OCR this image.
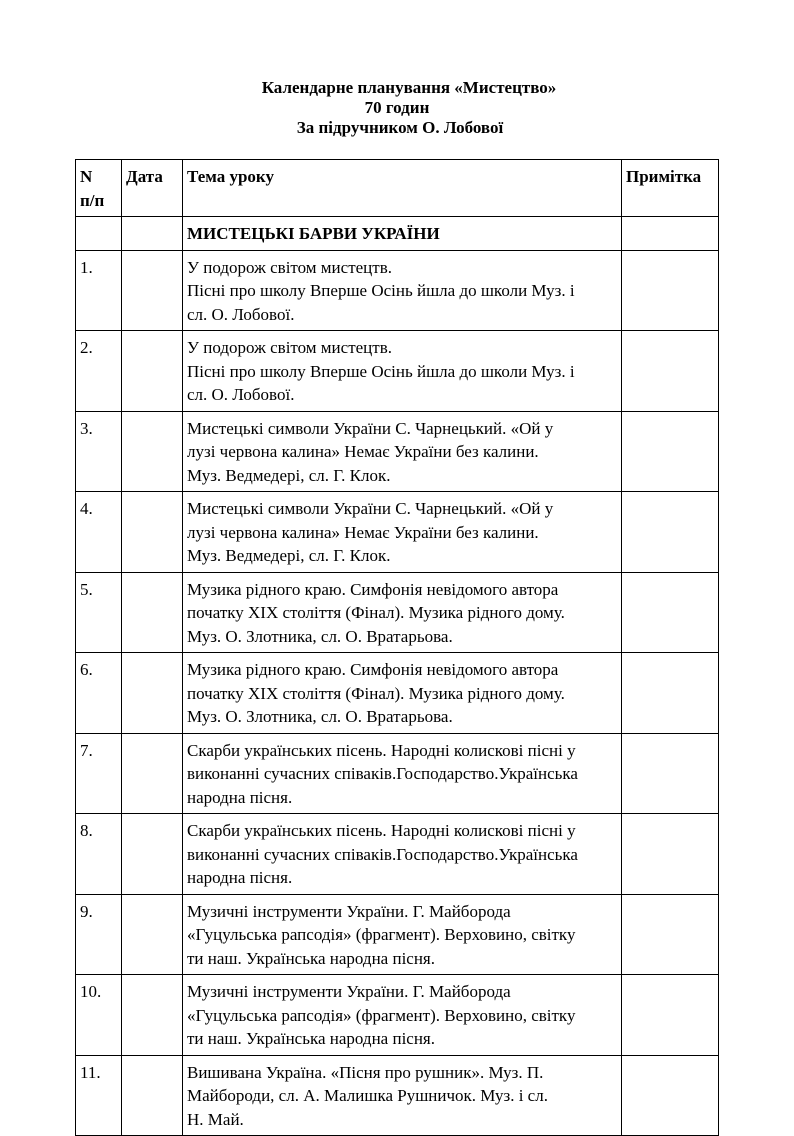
Календарне планування «Мистецтво»
70 годин
За підручником О. Лобової
N
п/п	Дата	Тема уроку	Примітка
		МИСТЕЦЬКІ БАРВИ УКРАЇНИ	
1.		У подорож світом мистецтв.
Пісні про школу Вперше Осінь йшла до школи Муз. і
сл. О. Лобової.	

2.		У подорож світом мистецтв.
Пісні про школу Вперше Осінь йшла до школи Муз. і
сл. О. Лобової.	

3.		Мистецькі символи України С. Чарнецький. «Ой у
лузі червона калина» Немає України без калини.
Муз. Ведмедері, сл. Г. Клок.	

4.		Мистецькі символи України С. Чарнецький. «Ой у
лузі червона калина» Немає України без калини.
Муз. Ведмедері, сл. Г. Клок.	

5.		Музика рідного краю. Симфонія невідомого автора
початку XIX століття (Фінал). Музика рідного дому.
Муз. О. Злотника, сл. О. Вратарьова.	

6.		Музика рідного краю. Симфонія невідомого автора
початку XIX століття (Фінал). Музика рідного дому.
Муз. О. Злотника, сл. О. Вратарьова.	

7.		Скарби українських пісень. Народні колискові пісні у
виконанні сучасних співаків.Господарство.Українська
народна пісня.	

8.		Скарби українських пісень. Народні колискові пісні у
виконанні сучасних співаків.Господарство.Українська
народна пісня.	

9.		Музичні інструменти України. Г. Майборода
«Гуцульська рапсодія» (фрагмент). Верховино, світку
ти наш. Українська народна пісня.	

10.		Музичні інструменти України. Г. Майборода
«Гуцульська рапсодія» (фрагмент). Верховино, світку
ти наш. Українська народна пісня.	

11.		Вишивана Україна. «Пісня про рушник». Муз. П.
Майбороди, сл. А. Малишка Рушничок. Муз. і сл.
Н. Май.	
